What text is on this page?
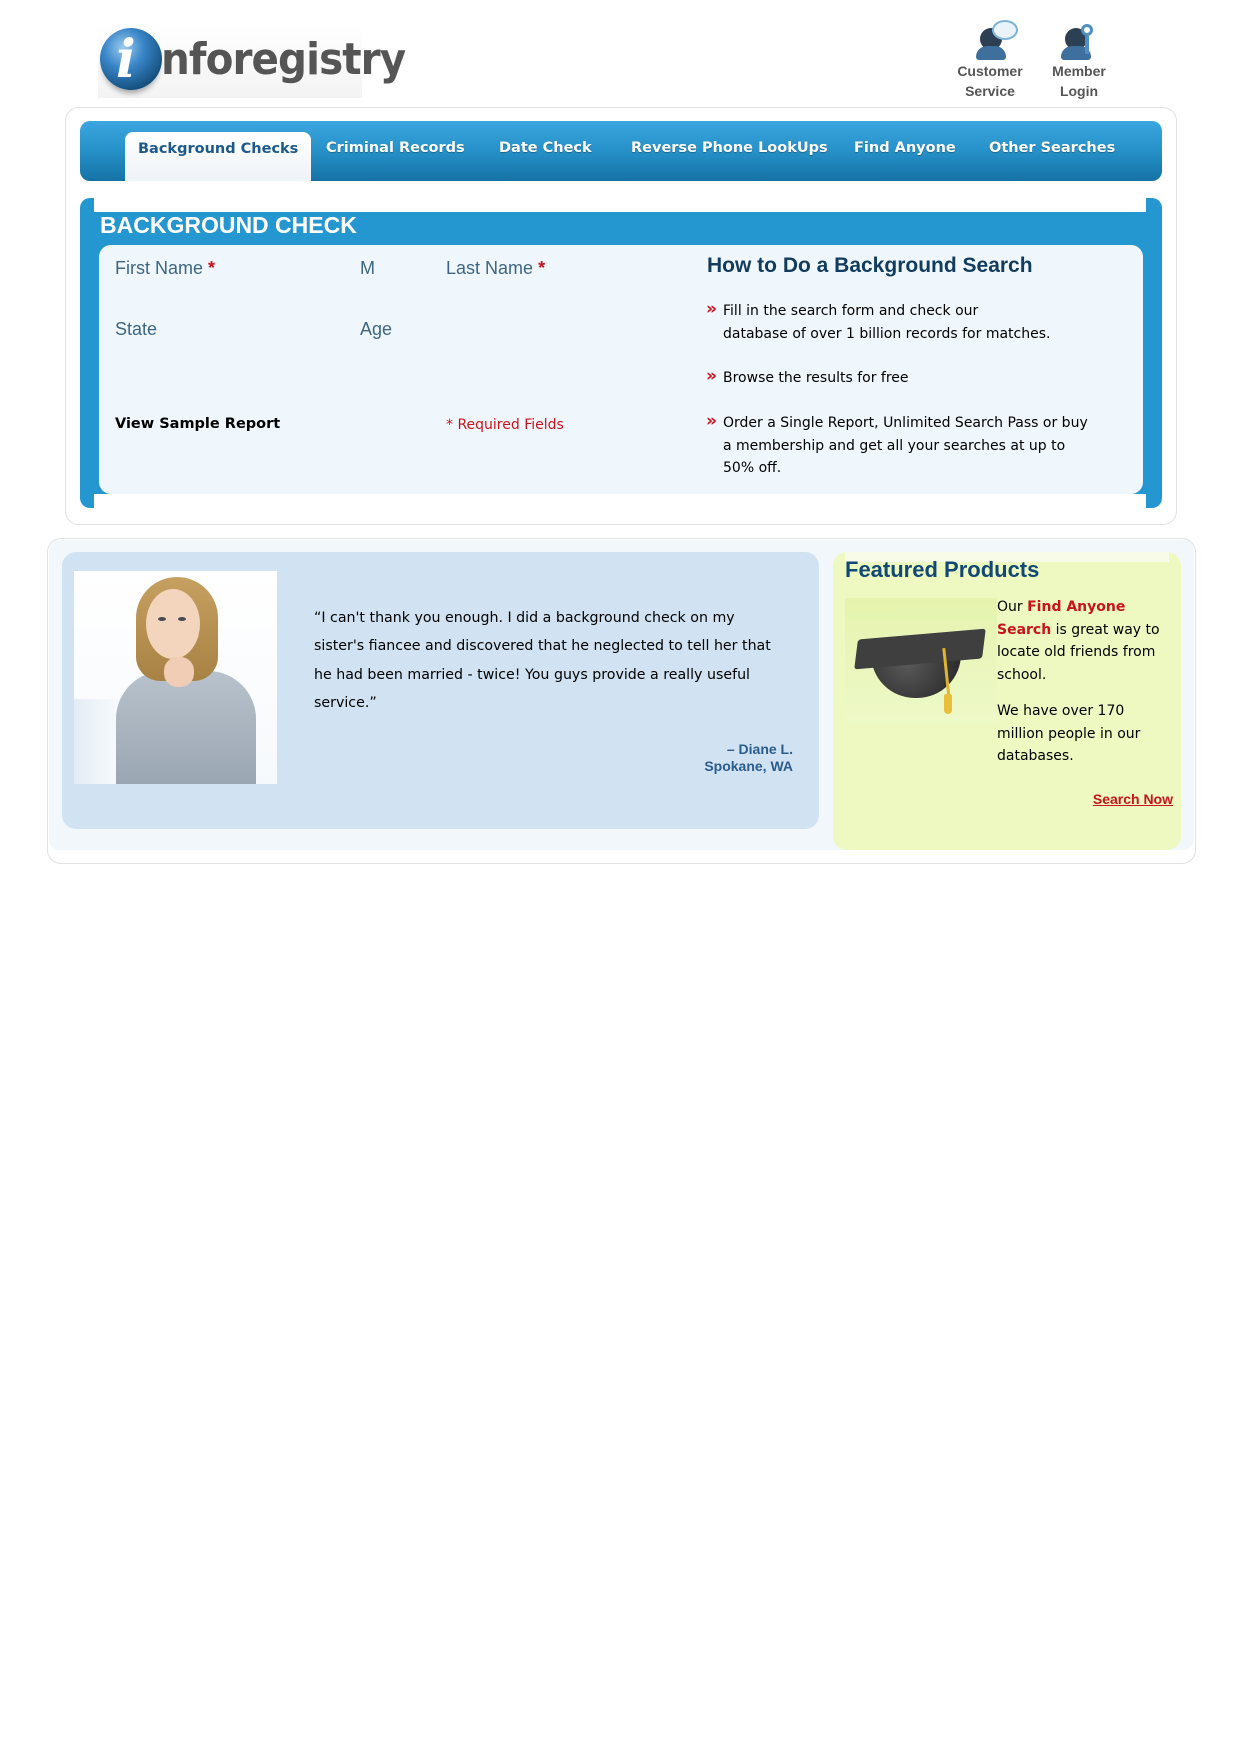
i nforegistry	Customer
Service
Member
Login
Background Checks	Criminal Records Date Check	Reverse Phone LookUps Find Anyone Other Searches
BACKGROUND CHECK
First Name *	M	Last Name *
State	Age
View Sample Report	* Required Fields
How to Do a Background Search
» Fill in the search form and check our
database of over 1 billion records for matches.
» Browse the results for free
» Order a Single Report, Unlimited Search Pass or buy
a membership and get all your searches at up to
50% off.
“I can't thank you enough. I did a background check on my
sister's fiancee and discovered that he neglected to tell her that
he had been married - twice! You guys provide a really useful
service.”
– Diane L.
Spokane, WA
Featured Products

Our Find Anyone Search is great way to locate old friends from school.

We have over 170 million people in our databases.

Search Now
